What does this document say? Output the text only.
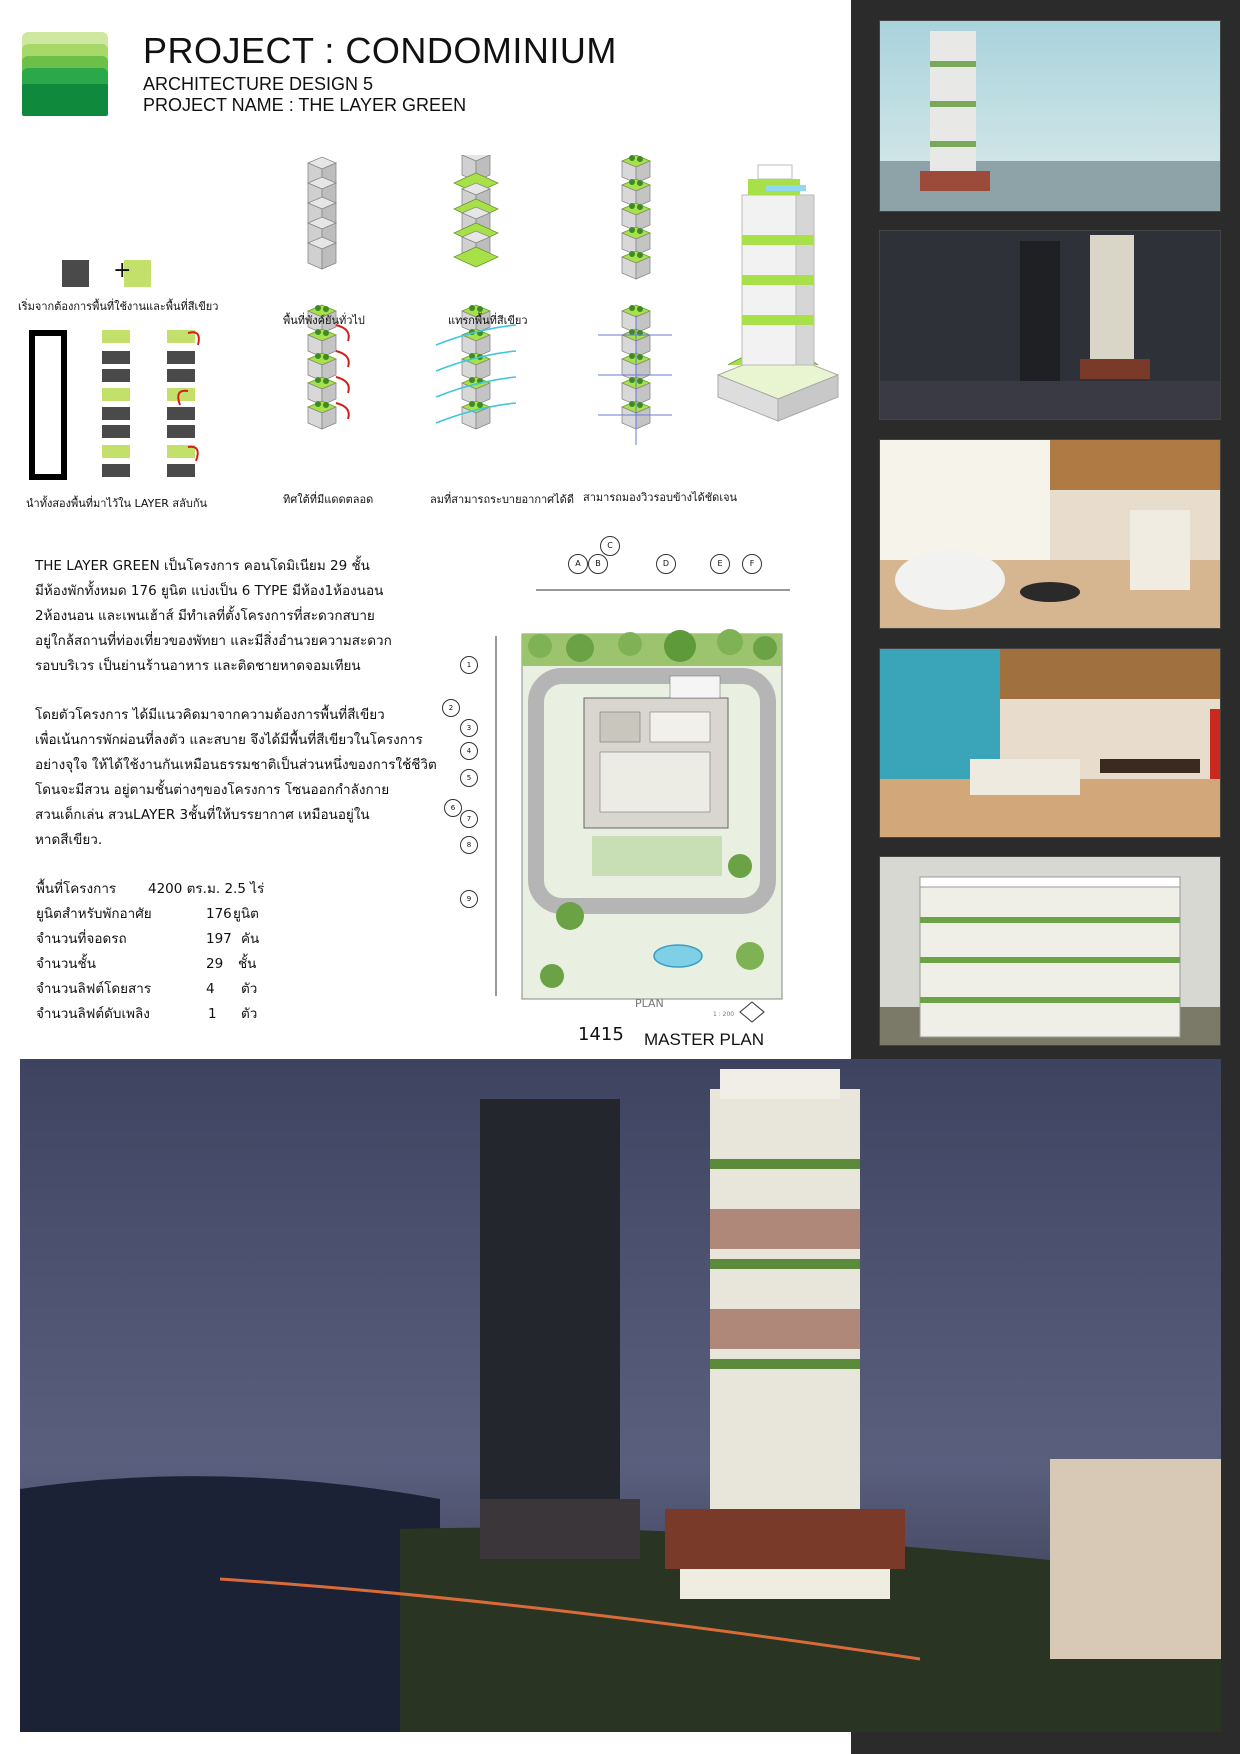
PROJECT : CONDOMINIUM
ARCHITECTURE DESIGN 5
PROJECT NAME : THE LAYER GREEN
+
เริ่มจากต้องการพื้นที่ใช้งานและพื้นที่สีเขียว
พื้นที่พังค์ยันทั่วไป	แทรกพื้นที่สีเขียว
นำทั้งสองพื้นที่มาไว้ใน LAYER สลับกัน	ทิศใต้ที่มีแดดตลอด	ลมที่สามารถระบายอากาศได้ดี สามารถมองวิวรอบข้างได้ชัดเจน
THE LAYER GREEN เป็นโครงการ คอนโดมิเนียม 29 ชั้น
มีห้องพักทั้งหมด 176 ยูนิต แบ่งเป็น 6 TYPE มีห้อง1ห้องนอน
2ห้องนอน และเพนเฮ้าส์ มีทำเลที่ตั้งโครงการที่สะดวกสบาย
อยู่ใกล้สถานที่ท่องเที่ยวของพัทยา และมีสิ่งอำนวยความสะดวก
รอบบริเวร เป็นย่านร้านอาหาร และติดชายหาดจอมเทียน
โดยตัวโครงการ ได้มีแนวคิดมาจากความต้องการพื้นที่สีเขียว
เพื่อเน้นการพักผ่อนที่ลงตัว และสบาย จึงได้มีพื้นที่สีเขียวในโครงการ
อย่างจุใจ ให้ได้ใช้งานกันเหมือนธรรมชาติเป็นส่วนหนึ่งของการใช้ชีวิต
โดนจะมีสวน อยู่ตามชั้นต่างๆของโครงการ โซนออกกำลังกาย
สวนเด็กเล่น สวนLAYER 3ชั้นที่ให้บรรยากาศ เหมือนอยู่ใน
หาดสีเขียว.
พื้นที่โครงการ 4200 ตร.ม. 2.5 ไร่
ยูนิตสำหรับพักอาศัย	176 ยูนิต
จำนวนที่จอดรถ	197 คัน
จำนวนชั้น	29 ชั้น
จำนวนลิฟต์โดยสาร	4 ตัว
จำนวนลิฟต์ดับเพลิง	1 ตัว
A	B
C
D	E	F
1
2
3
4
5
6
7
8
9
PLAN
1 : 200
1415 MASTER PLAN
